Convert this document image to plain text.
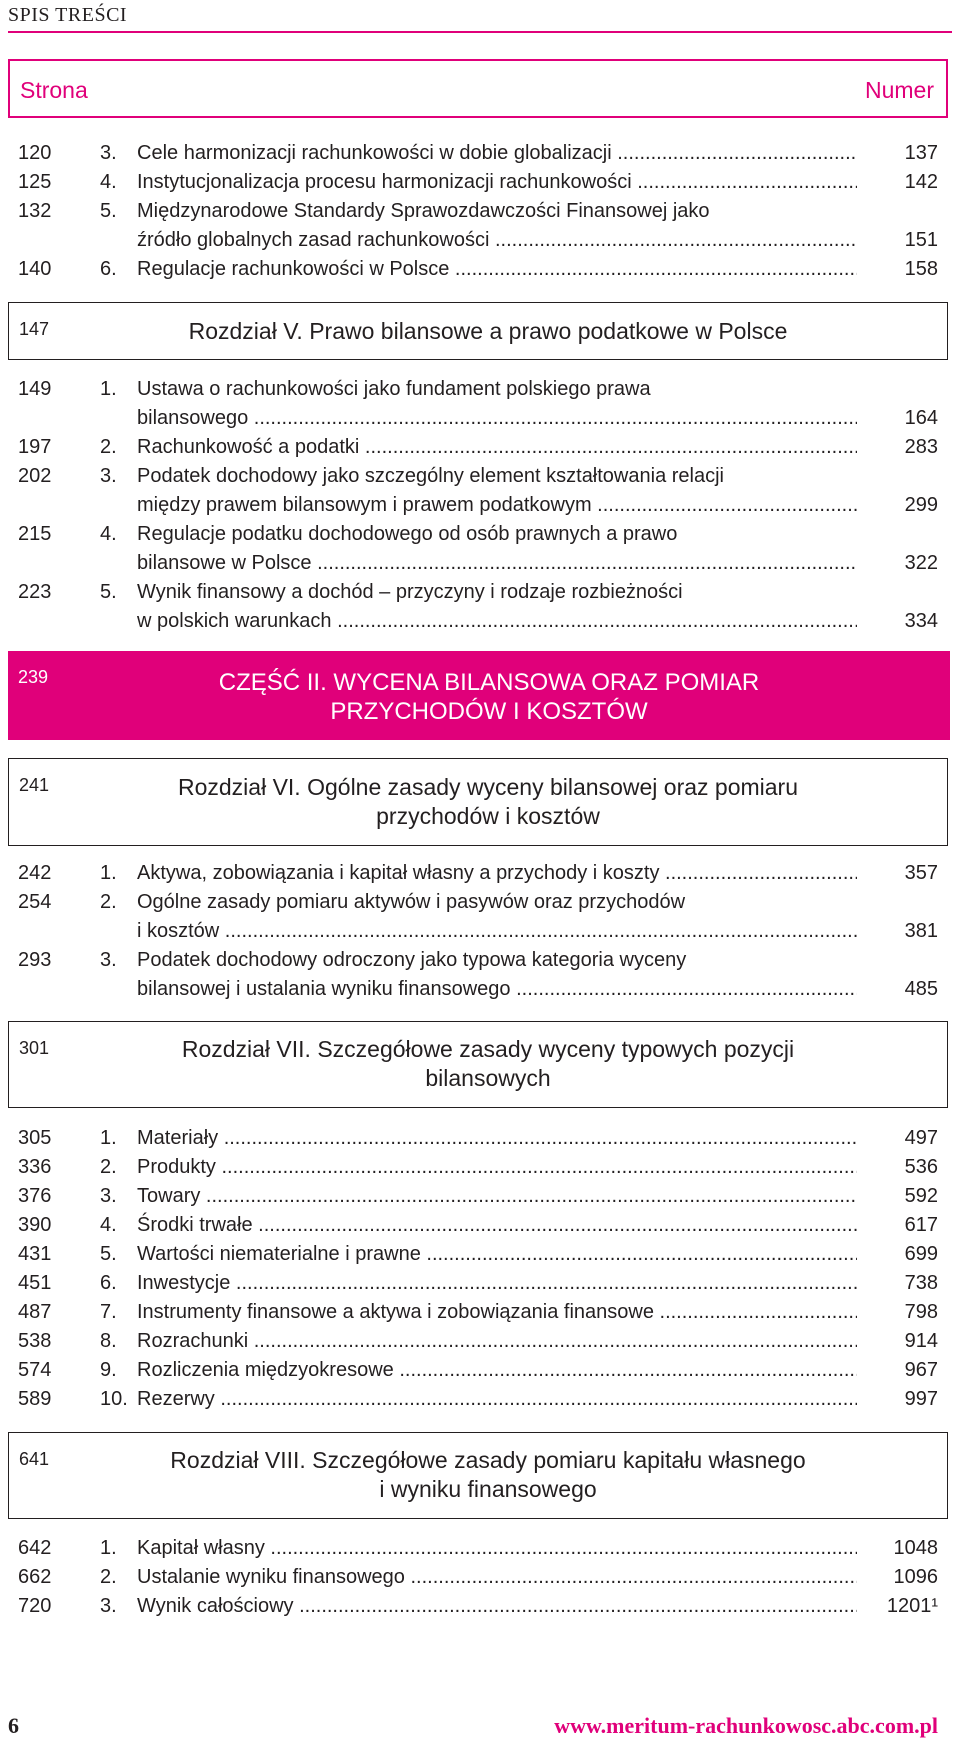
SPIS TREŚCI
Strona	Numer
120	3. Cele harmonizacji rachunkowości w dobie globalizacji .....	137
125	4. Instytucjonalizacja procesu harmonizacji rachunkowości .....	142
132	5. Międzynarodowe Standardy Sprawozdawczości Finansowej jako
źródło globalnych zasad rachunkowości .....	151
140	6. Regulacje rachunkowości w Polsce .....	158
147	Rozdział V. Prawo bilansowe a prawo podatkowe w Polsce
149	1. Ustawa o rachunkowości jako fundament polskiego prawa
bilansowego .....	164
197	2. Rachunkowość a podatki .....	283
202	3. Podatek dochodowy jako szczególny element kształtowania relacji
między prawem bilansowym i prawem podatkowym .....	299
215	4. Regulacje podatku dochodowego od osób prawnych a prawo
bilansowe w Polsce .....	322
223	5. Wynik finansowy a dochód – przyczyny i rodzaje rozbieżności
w polskich warunkach .....	334
239	CZĘŚĆ II. WYCENA BILANSOWA ORAZ POMIAR
PRZYCHODÓW I KOSZTÓW
241	Rozdział VI. Ogólne zasady wyceny bilansowej oraz pomiaru
przychodów i kosztów
242	1. Aktywa, zobowiązania i kapitał własny a przychody i koszty .....	357
254	2. Ogólne zasady pomiaru aktywów i pasywów oraz przychodów
i kosztów .....	381
293	3. Podatek dochodowy odroczony jako typowa kategoria wyceny
bilansowej i ustalania wyniku finansowego .....	485
301	Rozdział VII. Szczegółowe zasady wyceny typowych pozycji
bilansowych
305	1. Materiały .....	497
336	2. Produkty .....	536
376	3. Towary .....	592
390	4. Środki trwałe .....	617
431	5. Wartości niematerialne i prawne .....	699
451	6. Inwestycje .....	738
487	7. Instrumenty finansowe a aktywa i zobowiązania finansowe .....	798
538	8. Rozrachunki .....	914
574	9. Rozliczenia międzyokresowe .....	967
589	10. Rezerwy .....	997
641	Rozdział VIII. Szczegółowe zasady pomiaru kapitału własnego
i wyniku finansowego
642	1. Kapitał własny .....	1048
662	2. Ustalanie wyniku finansowego .....	1096
720	3. Wynik całościowy .....	1201¹
6	www.meritum-rachunkowosc.abc.com.pl
